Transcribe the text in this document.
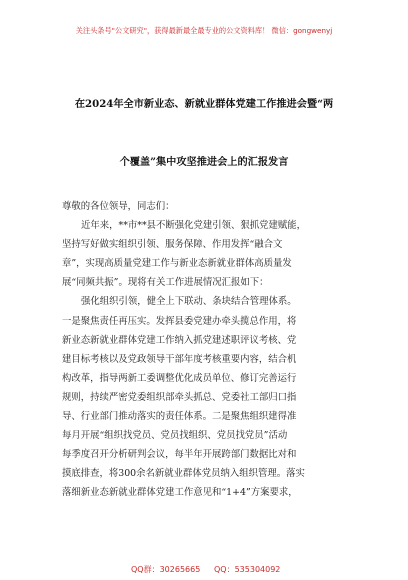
关注头条号"公文研究"，获得最新最全最专业的公文资料库！ 微信：gongwenyj
在2024年全市新业态、新就业群体党建工作推进会暨“两
个覆盖”集中攻坚推进会上的汇报发言
尊敬的各位领导，同志们：
近年来，**市**县不断强化党建引领、狠抓党建赋能，
坚持写好做实组织引领、服务保障、作用发挥“融合文
章”，实现高质量党建工作与新业态新就业群体高质量发
展“同频共振”。现将有关工作进展情况汇报如下：
强化组织引领，健全上下联动、条块结合管理体系。
一是聚焦责任再压实。发挥县委党建办牵头揽总作用，将
新业态新就业群体党建工作纳入抓党建述职评议考核、党
建目标考核以及党政领导干部年度考核重要内容，结合机
构改革，指导两新工委调整优化成员单位、修订完善运行
规则，持续严密党委组织部牵头抓总、党委社工部归口指
导、行业部门推动落实的责任体系。二是聚焦组织建得准
每月开展“组织找党员、党员找组织、党员找党员”活动
每季度召开分析研判会议，每半年开展跨部门数据比对和
摸底排查，将300余名新就业群体党员纳入组织管理。落实
落细新业态新就业群体党建工作意见和“1+4”方案要求，
QQ群：30265665 QQ：535304092
